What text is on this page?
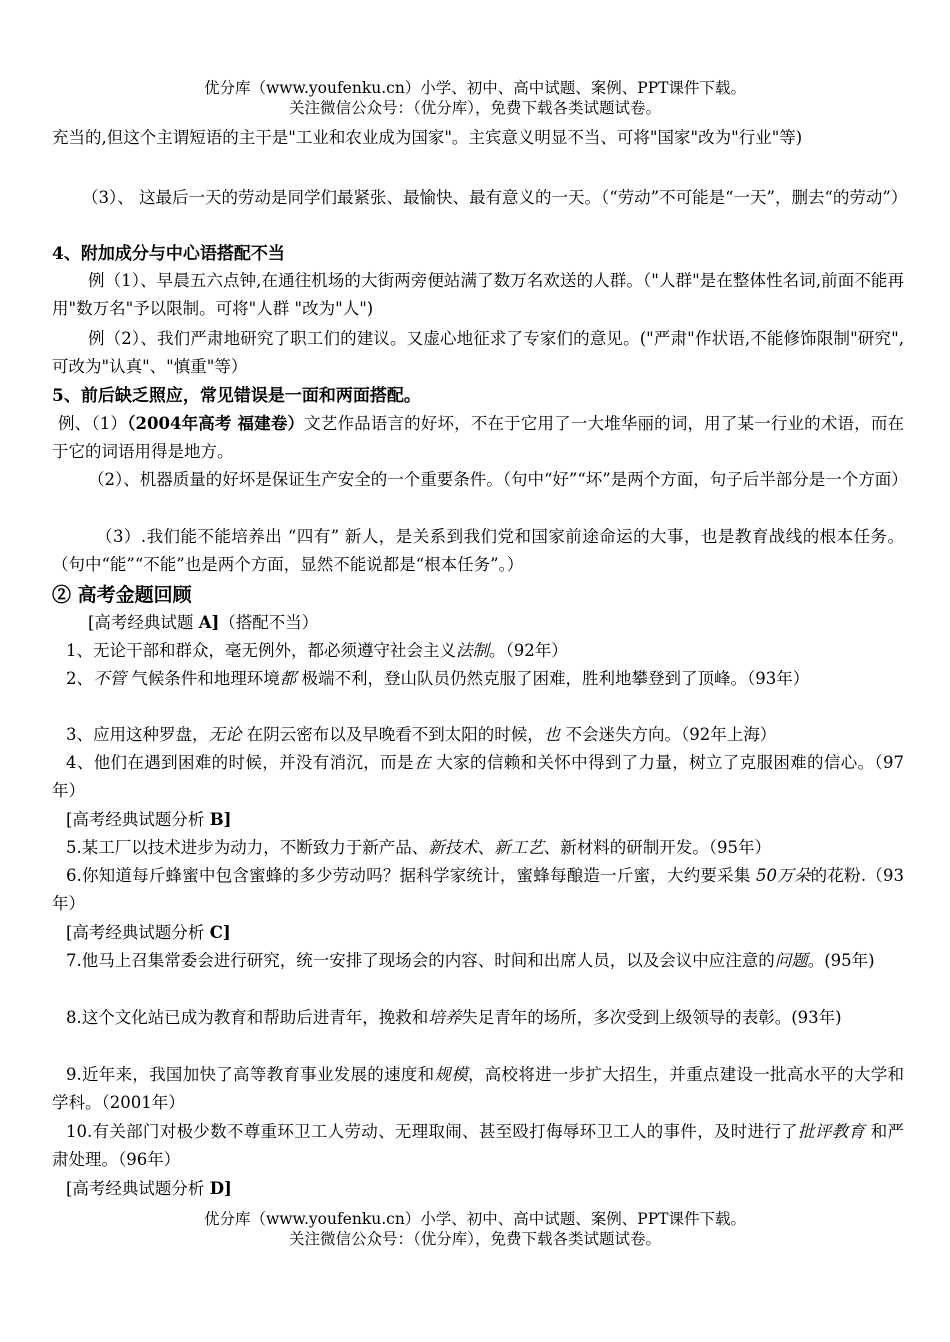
优分库（www.youfenku.cn）小学、初中、高中试题、案例、PPT课件下载。
关注微信公众号：（优分库），免费下载各类试题试卷。
充当的,但这个主谓短语的主干是"工业和农业成为国家"。主宾意义明显不当、可将"国家"改为"行业"等)
（3）、 这最后一天的劳动是同学们最紧张、最愉快、最有意义的一天。（“劳动”不可能是“一天”，删去“的劳动”）
4、附加成分与中心语搭配不当
例（1）、早晨五六点钟,在通往机场的大街两旁便站满了数万名欢送的人群。（"人群"是在整体性名词,前面不能再用"数万名"予以限制。可将"人群 "改为"人")
例（2）、我们严肃地研究了职工们的建议。又虚心地征求了专家们的意见。("严肃"作状语,不能修饰限制"研究",可改为"认真"、"慎重"等）
5、前后缺乏照应，常见错误是一面和两面搭配。
例、（1）（2004年高考 福建卷）文艺作品语言的好坏，不在于它用了一大堆华丽的词，用了某一行业的术语，而在于它的词语用得是地方。
（2）、机器质量的好坏是保证生产安全的一个重要条件。（句中“好”“坏”是两个方面，句子后半部分是一个方面）
（3）.我们能不能培养出 “四有” 新人，是关系到我们党和国家前途命运的大事，也是教育战线的根本任务。（句中“能”“不能”也是两个方面，显然不能说都是“根本任务”。）
② 高考金题回顾
[高考经典试题 A]（搭配不当）
1、无论干部和群众，毫无例外，都必须遵守社会主义法制。（92年）
2、不管 气候条件和地理环境都 极端不利，登山队员仍然克服了困难，胜利地攀登到了顶峰。（93年）
3、应用这种罗盘，无论 在阴云密布以及早晚看不到太阳的时候，也 不会迷失方向。（92年上海）
4、他们在遇到困难的时候，并没有消沉，而是在 大家的信赖和关怀中得到了力量，树立了克服困难的信心。（97年）
[高考经典试题分析 B]
5.某工厂以技术进步为动力，不断致力于新产品、新技术、新工艺、新材料的研制开发。（95年）
6.你知道每斤蜂蜜中包含蜜蜂的多少劳动吗？据科学家统计，蜜蜂每酿造一斤蜜，大约要采集 50万朵的花粉.（93年）
[高考经典试题分析 C]
7.他马上召集常委会进行研究，统一安排了现场会的内容、时间和出席人员，以及会议中应注意的问题。(95年)
8.这个文化站已成为教育和帮助后进青年，挽救和培养失足青年的场所，多次受到上级领导的表彰。(93年)
9.近年来，我国加快了高等教育事业发展的速度和规模，高校将进一步扩大招生，并重点建设一批高水平的大学和学科。（2001年）
10.有关部门对极少数不尊重环卫工人劳动、无理取闹、甚至殴打侮辱环卫工人的事件，及时进行了批评教育 和严肃处理。（96年）
[高考经典试题分析 D]
优分库（www.youfenku.cn）小学、初中、高中试题、案例、PPT课件下载。
关注微信公众号：（优分库），免费下载各类试题试卷。
